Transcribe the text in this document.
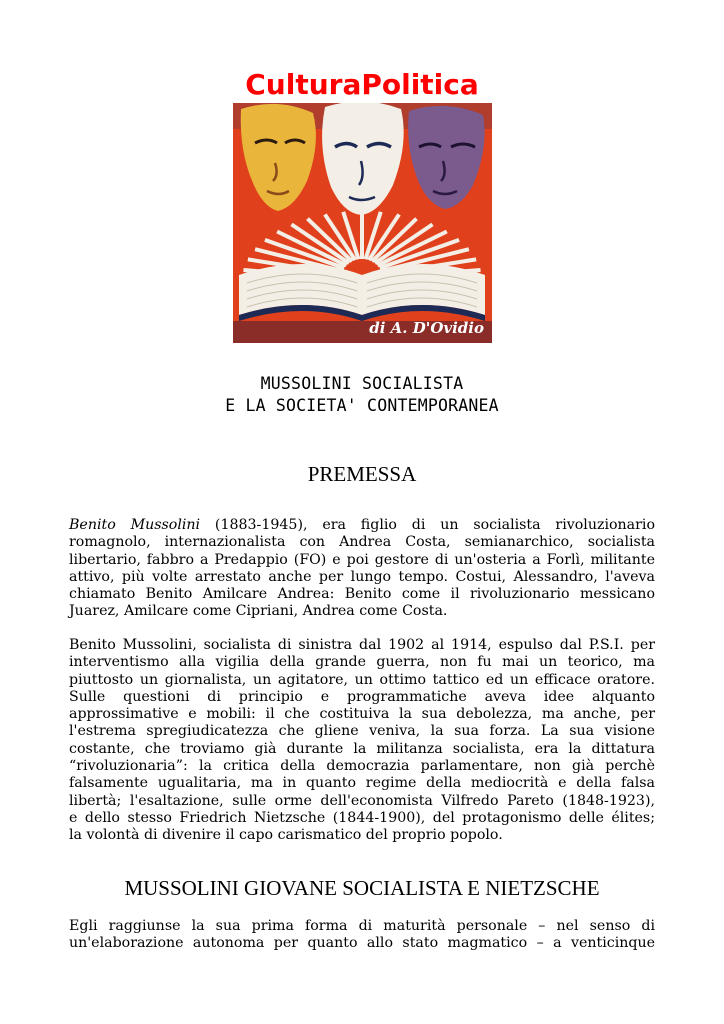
CulturaPolitica
di A. D'Ovidio
MUSSOLINI SOCIALISTA
E LA SOCIETA' CONTEMPORANEA
PREMESSA
Benito Mussolini (1883-1945), era figlio di un socialista rivoluzionario
romagnolo, internazionalista con Andrea Costa, semianarchico, socialista
libertario, fabbro a Predappio (FO) e poi gestore di un'osteria a Forlì, militante
attivo, più volte arrestato anche per lungo tempo. Costui, Alessandro, l'aveva
chiamato Benito Amilcare Andrea: Benito come il rivoluzionario messicano
Juarez, Amilcare come Cipriani, Andrea come Costa.
Benito Mussolini, socialista di sinistra dal 1902 al 1914, espulso dal P.S.I. per
interventismo alla vigilia della grande guerra, non fu mai un teorico, ma
piuttosto un giornalista, un agitatore, un ottimo tattico ed un efficace oratore.
Sulle questioni di principio e programmatiche aveva idee alquanto
approssimative e mobili: il che costituiva la sua debolezza, ma anche, per
l'estrema spregiudicatezza che gliene veniva, la sua forza. La sua visione
costante, che troviamo già durante la militanza socialista, era la dittatura
“rivoluzionaria”: la critica della democrazia parlamentare, non già perchè
falsamente ugualitaria, ma in quanto regime della mediocrità e della falsa
libertà; l'esaltazione, sulle orme dell'economista Vilfredo Pareto (1848-1923),
e dello stesso Friedrich Nietzsche (1844-1900), del protagonismo delle élites;
la volontà di divenire il capo carismatico del proprio popolo.
MUSSOLINI GIOVANE SOCIALISTA E NIETZSCHE
Egli raggiunse la sua prima forma di maturità personale – nel senso di
un'elaborazione autonoma per quanto allo stato magmatico – a venticinque
